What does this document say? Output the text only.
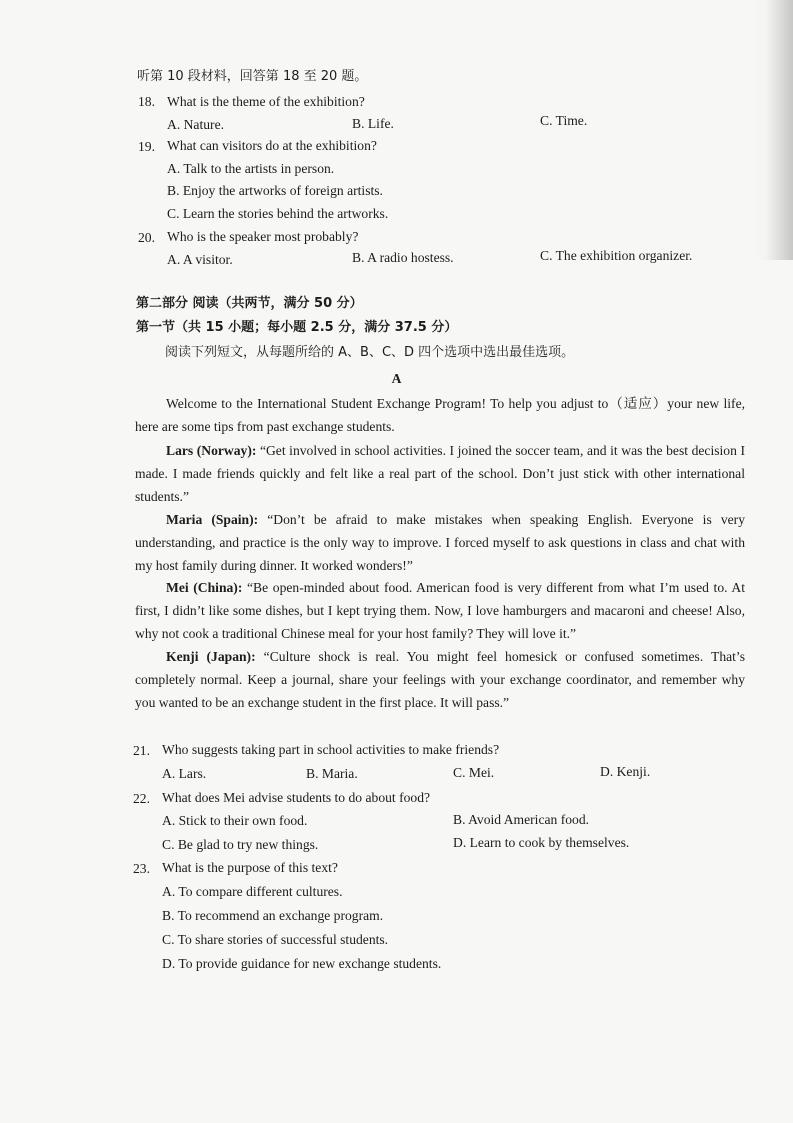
听第 10 段材料，回答第 18 至 20 题。
18. What is the theme of the exhibition?
A. Nature.	B. Life.	C. Time.
19. What can visitors do at the exhibition?
A. Talk to the artists in person.
B. Enjoy the artworks of foreign artists.
C. Learn the stories behind the artworks.
20. Who is the speaker most probably?
A. A visitor.	B. A radio hostess.	C. The exhibition organizer.
第二部分 阅读（共两节，满分 50 分）
第一节（共 15 小题；每小题 2.5 分，满分 37.5 分）
阅读下列短文，从每题所给的 A、B、C、D 四个选项中选出最佳选项。
A
Welcome to the International Student Exchange Program! To help you adjust to（适应）your new life, here are some tips from past exchange students.
Lars (Norway): “Get involved in school activities. I joined the soccer team, and it was the best decision I made. I made friends quickly and felt like a real part of the school. Don’t just stick with other international students.”
Maria (Spain): “Don’t be afraid to make mistakes when speaking English. Everyone is very understanding, and practice is the only way to improve. I forced myself to ask questions in class and chat with my host family during dinner. It worked wonders!”
Mei (China): “Be open-minded about food. American food is very different from what I’m used to. At first, I didn’t like some dishes, but I kept trying them. Now, I love hamburgers and macaroni and cheese! Also, why not cook a traditional Chinese meal for your host family? They will love it.”
Kenji (Japan): “Culture shock is real. You might feel homesick or confused sometimes. That’s completely normal. Keep a journal, share your feelings with your exchange coordinator, and remember why you wanted to be an exchange student in the first place. It will pass.”
21. Who suggests taking part in school activities to make friends?
A. Lars.	B. Maria.	C. Mei.	D. Kenji.
22. What does Mei advise students to do about food?
A. Stick to their own food.	B. Avoid American food.
C. Be glad to try new things.	D. Learn to cook by themselves.
23. What is the purpose of this text?
A. To compare different cultures.
B. To recommend an exchange program.
C. To share stories of successful students.
D. To provide guidance for new exchange students.
